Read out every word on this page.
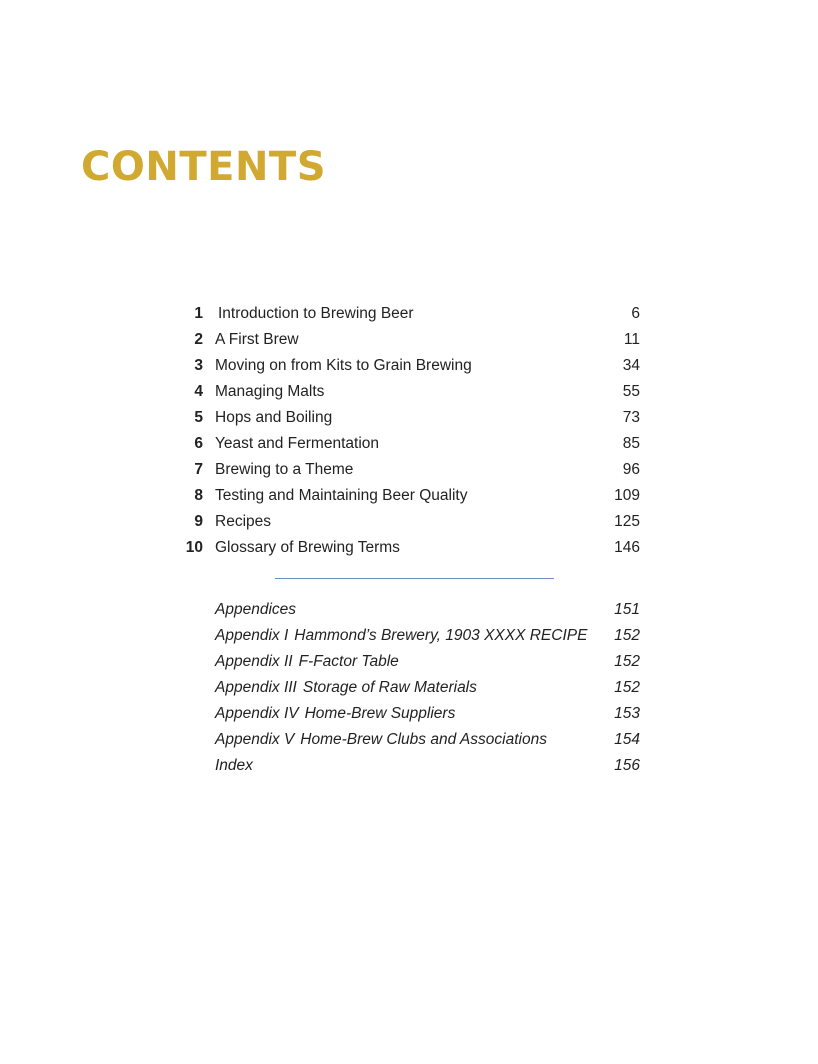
CONTENTS
1 Introduction to Brewing Beer	6
2 A First Brew	11
3 Moving on from Kits to Grain Brewing	34
4 Managing Malts	55
5 Hops and Boiling	73
6 Yeast and Fermentation	85
7 Brewing to a Theme	96
8 Testing and Maintaining Beer Quality	109
9 Recipes	125
10 Glossary of Brewing Terms	146
Appendices	151
Appendix I Hammond’s Brewery, 1903 XXXX RECIPE 152
Appendix II F-Factor Table	152
Appendix III Storage of Raw Materials	152
Appendix IV Home-Brew Suppliers	153
Appendix V Home-Brew Clubs and Associations	154
Index	156
